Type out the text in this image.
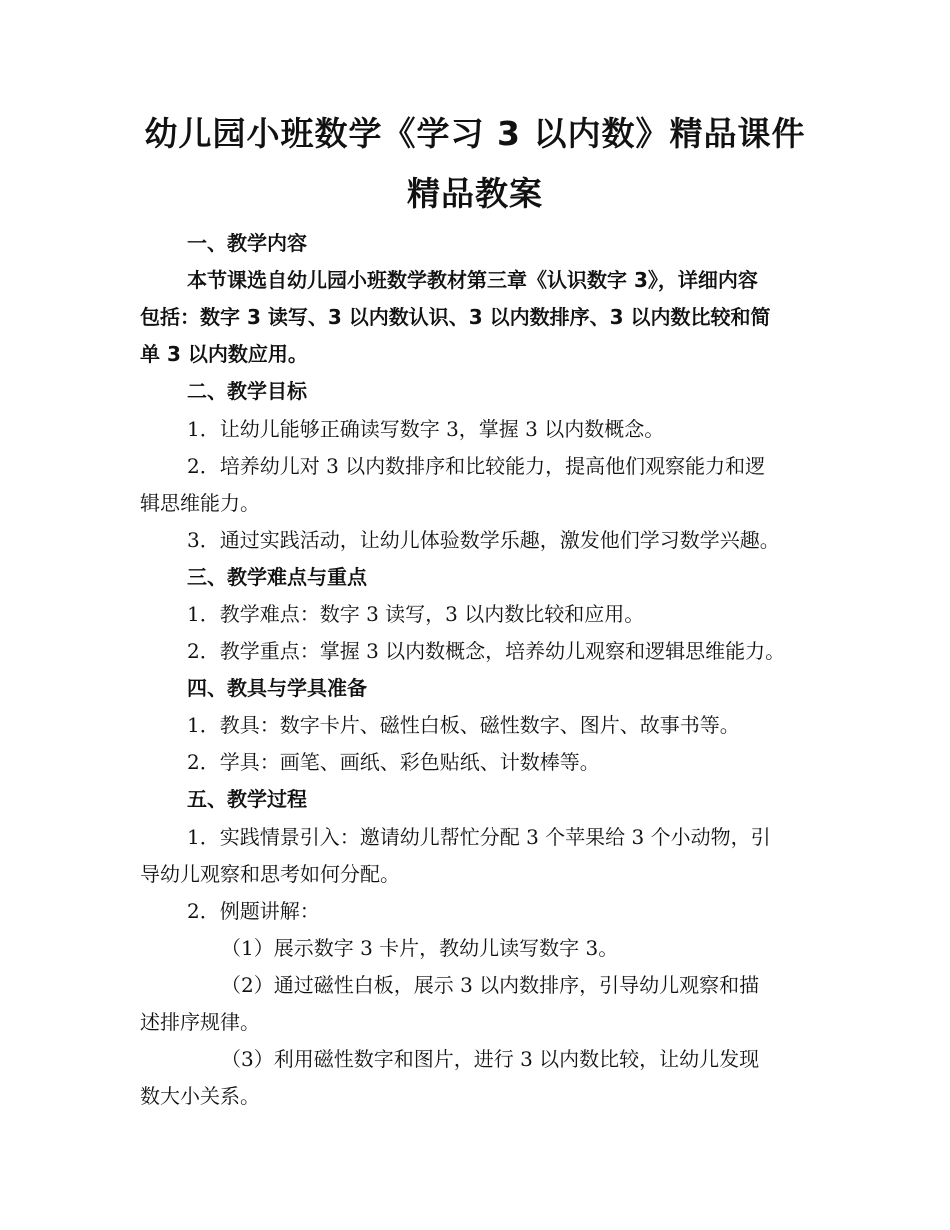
幼儿园小班数学《学习 3 以内数》精品课件
精品教案
一、教学内容
本节课选自幼儿园小班数学教材第三章《认识数字 3》，详细内容
包括：数字 3 读写、3 以内数认识、3 以内数排序、3 以内数比较和简
单 3 以内数应用。
二、教学目标
1．让幼儿能够正确读写数字 3，掌握 3 以内数概念。
2．培养幼儿对 3 以内数排序和比较能力，提高他们观察能力和逻
辑思维能力。
3．通过实践活动，让幼儿体验数学乐趣，激发他们学习数学兴趣。
三、教学难点与重点
1．教学难点：数字 3 读写，3 以内数比较和应用。
2．教学重点：掌握 3 以内数概念，培养幼儿观察和逻辑思维能力。
四、教具与学具准备
1．教具：数字卡片、磁性白板、磁性数字、图片、故事书等。
2．学具：画笔、画纸、彩色贴纸、计数棒等。
五、教学过程
1．实践情景引入：邀请幼儿帮忙分配 3 个苹果给 3 个小动物，引
导幼儿观察和思考如何分配。
2．例题讲解：
（1）展示数字 3 卡片，教幼儿读写数字 3。
（2）通过磁性白板，展示 3 以内数排序，引导幼儿观察和描
述排序规律。
（3）利用磁性数字和图片，进行 3 以内数比较，让幼儿发现
数大小关系。
